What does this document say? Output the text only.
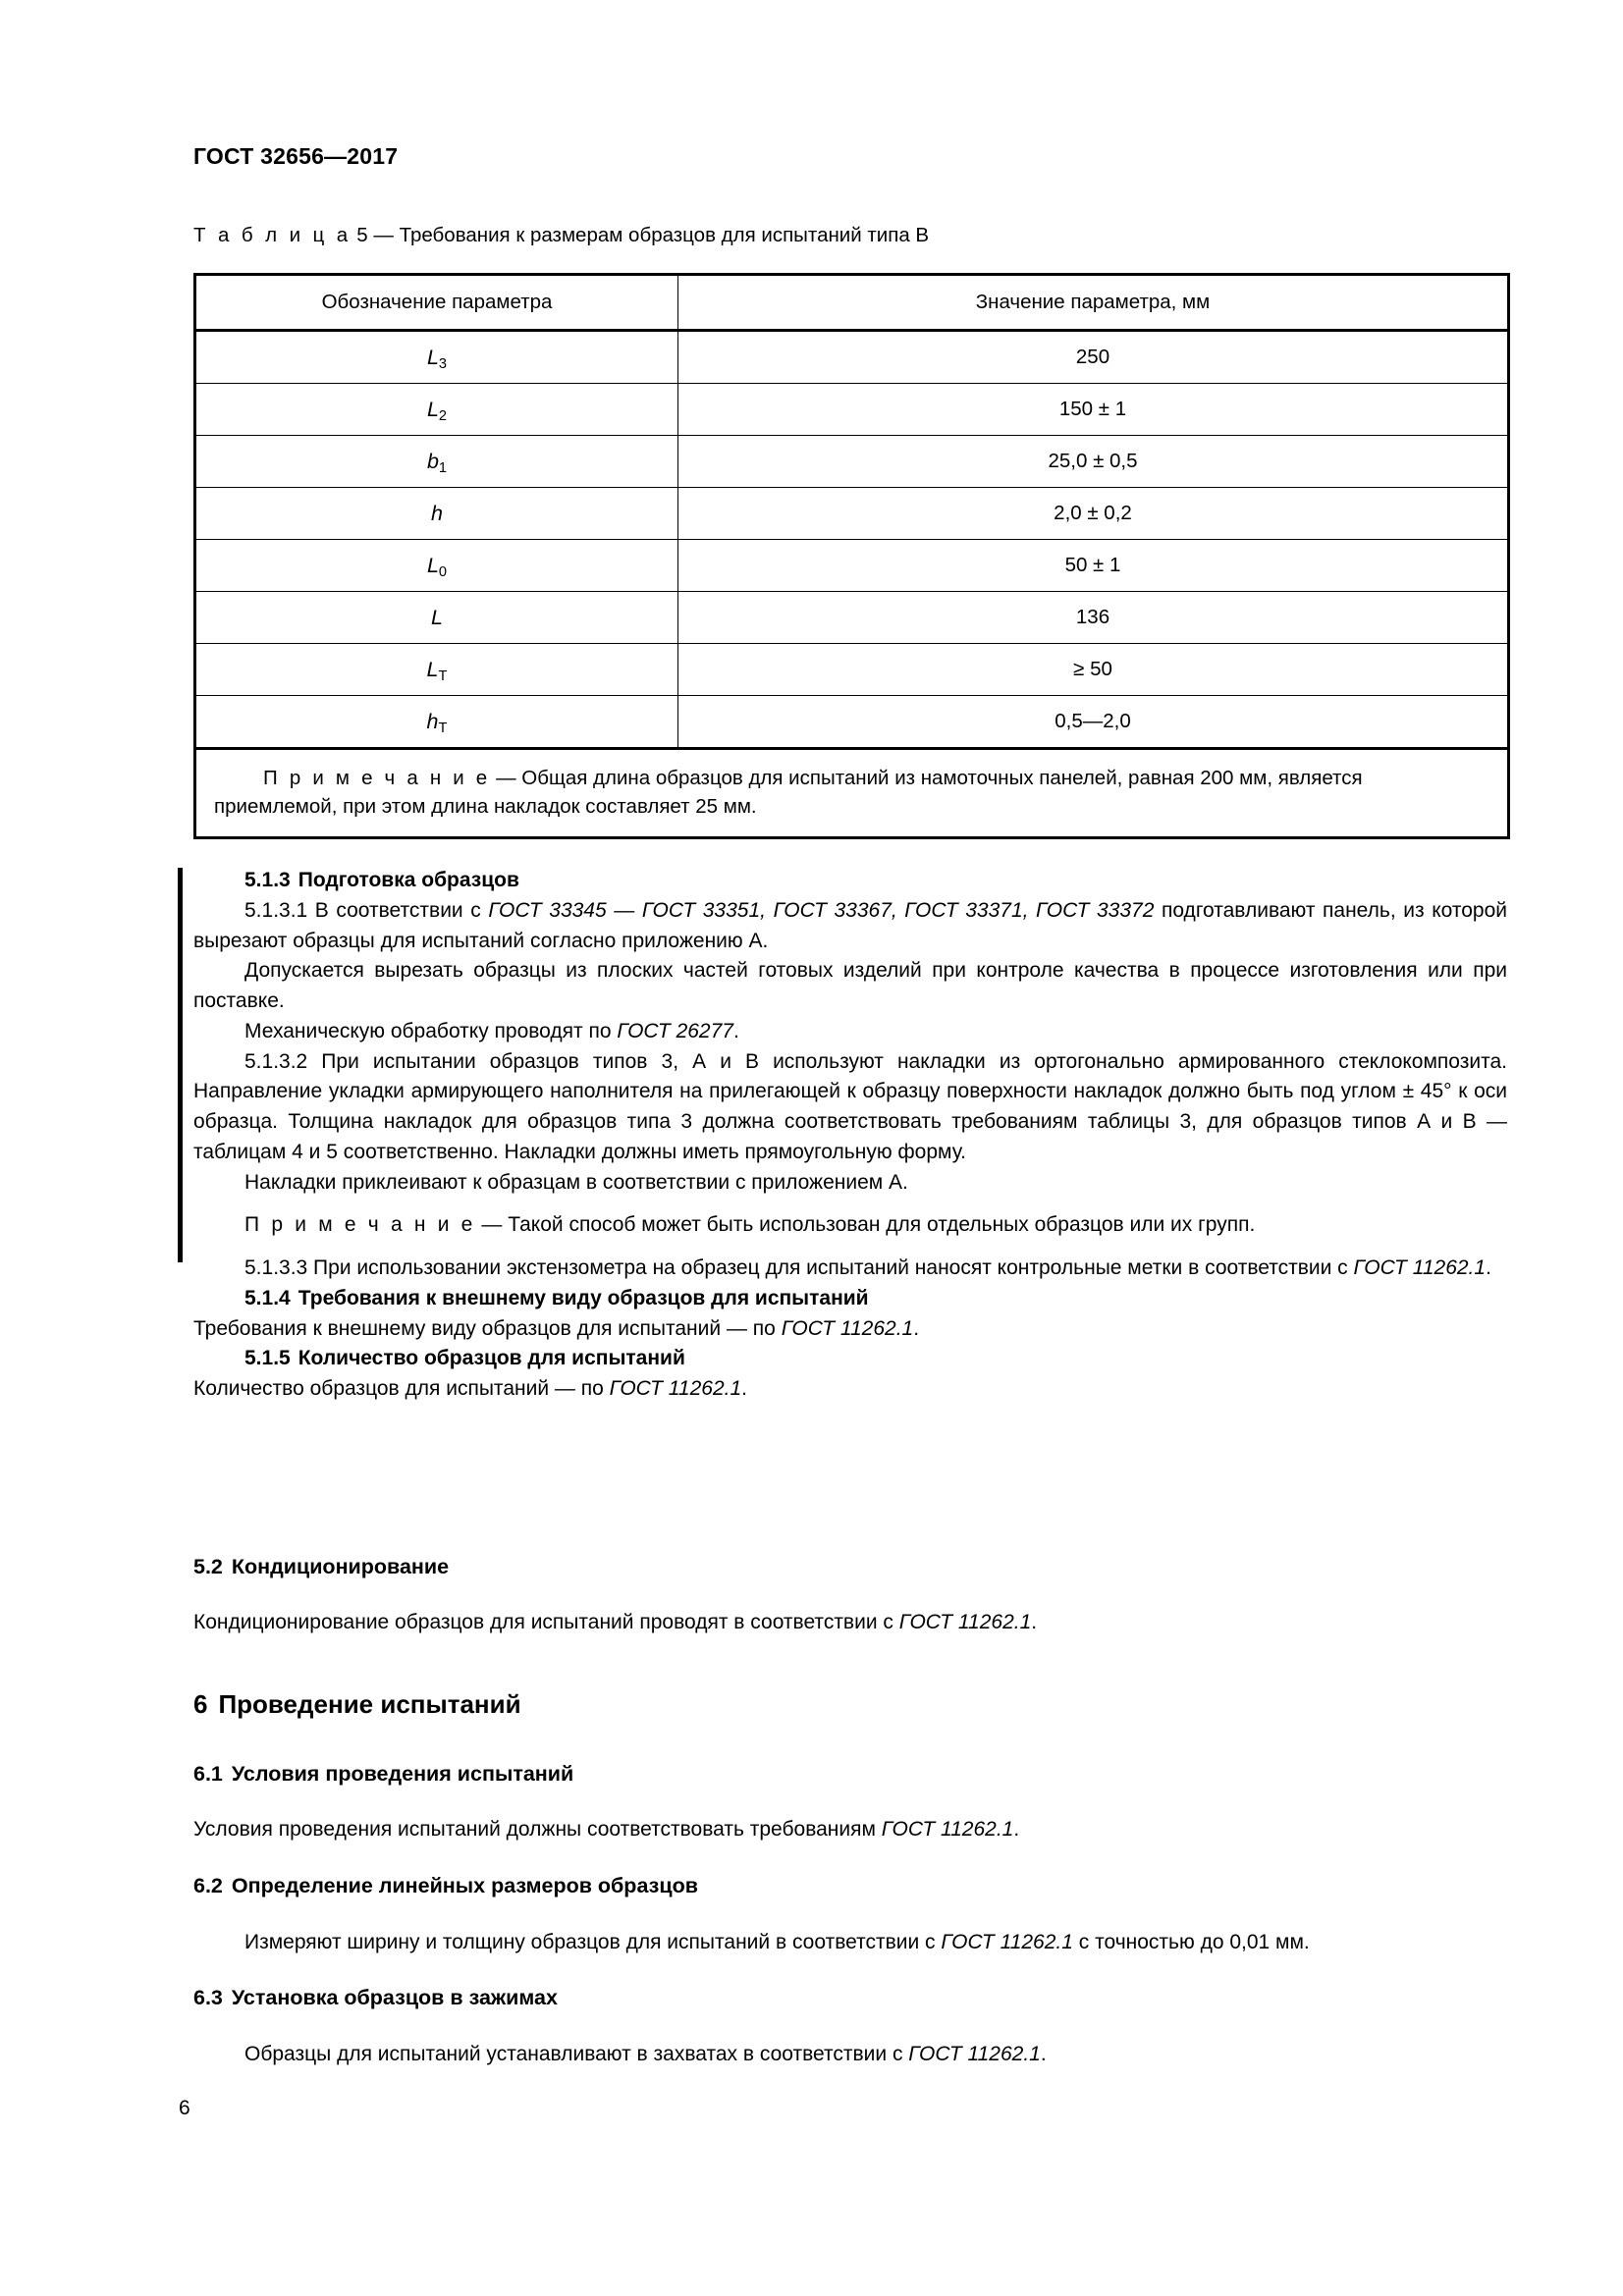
ГОСТ 32656—2017
Т а б л и ц а 5 — Требования к размерам образцов для испытаний типа В
Обозначение параметра	Значение параметра, мм
$L_3$	250
$L_2$	150 ± 1
$b_1$	25,0 ± 0,5
h	2,0 ± 0,2
$L_0$	50 ± 1
L	136
$L_Т$	≥ 50
$h_Т$	0,5—2,0
П р и м е ч а н и е — Общая длина образцов для испытаний из намоточных панелей, равная 200 мм, является приемлемой, при этом длина накладок составляет 25 мм.	
5.1.3 Подготовка образцов

5.1.3.1 В соответствии с ГОСТ 33345 — ГОСТ 33351, ГОСТ 33367, ГОСТ 33371, ГОСТ 33372 подготавливают панель, из которой вырезают образцы для испытаний согласно приложению А.

Допускается вырезать образцы из плоских частей готовых изделий при контроле качества в процессе изготовления или при поставке.

Механическую обработку проводят по ГОСТ 26277.

5.1.3.2 При испытании образцов типов 3, А и В используют накладки из ортогонально армированного стеклокомпозита. Направление укладки армирующего наполнителя на прилегающей к образцу поверхности накладок должно быть под углом ± 45° к оси образца. Толщина накладок для образцов типа 3 должна соответствовать требованиям таблицы 3, для образцов типов А и В — таблицам 4 и 5 соответственно. Накладки должны иметь прямоугольную форму.

Накладки приклеивают к образцам в соответствии с приложением А.

П р и м е ч а н и е — Такой способ может быть использован для отдельных образцов или их групп.

5.1.3.3 При использовании экстензометра на образец для испытаний наносят контрольные метки в соответствии с ГОСТ 11262.1.

5.1.4 Требования к внешнему виду образцов для испытаний

Требования к внешнему виду образцов для испытаний — по ГОСТ 11262.1.

5.1.5 Количество образцов для испытаний

Количество образцов для испытаний — по ГОСТ 11262.1.

5.2 Кондиционирование

Кондиционирование образцов для испытаний проводят в соответствии с ГОСТ 11262.1.

6 Проведение испытаний
6.1 Условия проведения испытаний

Условия проведения испытаний должны соответствовать требованиям ГОСТ 11262.1.

6.2 Определение линейных размеров образцов

Измеряют ширину и толщину образцов для испытаний в соответствии с ГОСТ 11262.1 с точностью до 0,01 мм.

6.3 Установка образцов в зажимах

Образцы для испытаний устанавливают в захватах в соответствии с ГОСТ 11262.1.

6
